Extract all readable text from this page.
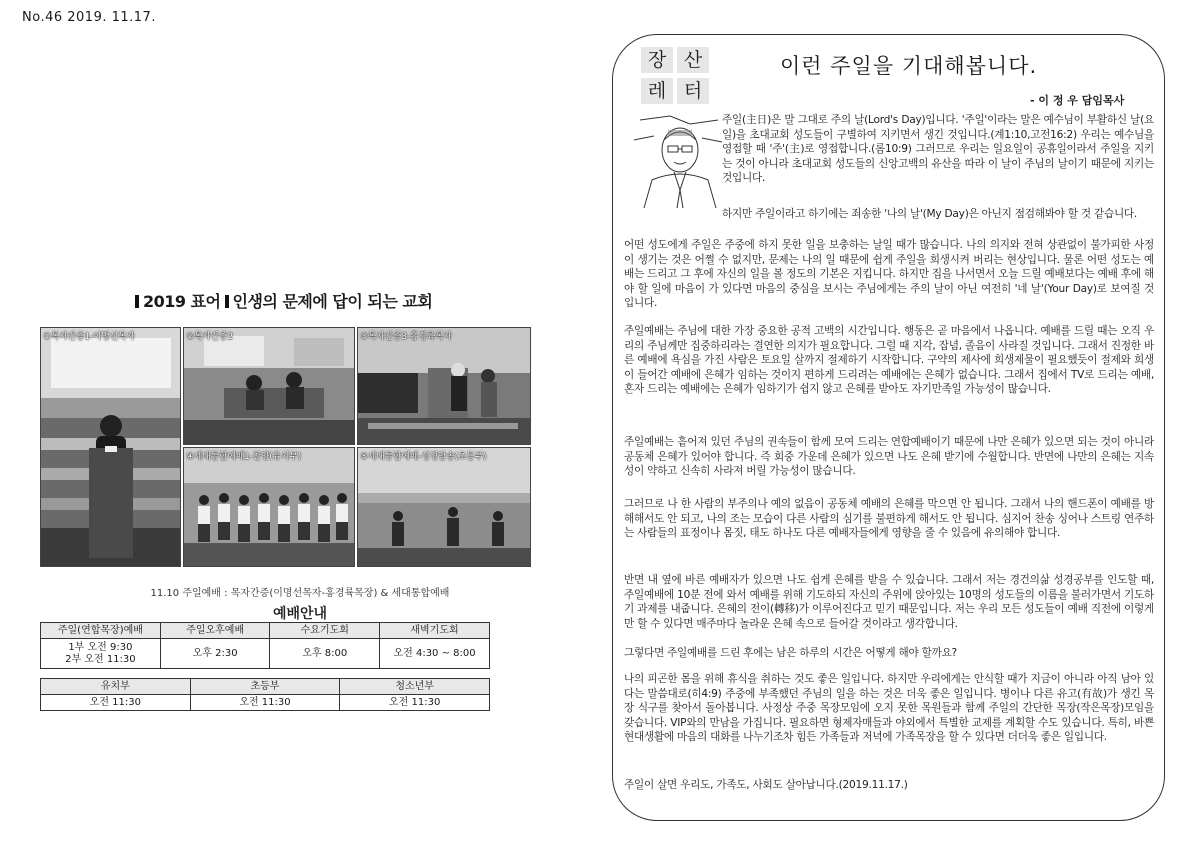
No.46 2019. 11.17.
2019 표어 인생의 문제에 답이 되는 교회
①목자간증1-이명선목자	②목자간증2	③목자간증3-홍경륙목자
④세대통합예배1-찬양(유치부)	⑤세대통합예배-성경암송(초등부)
11.10 주일예배 : 목자간증(이명선목자-홍경륙목장) & 세대통합예배
예배안내
주일(연합목장)예배	주일오후예배	수요기도회	새벽기도회
1부 오전 9:30
2부 오전 11:30	오후 2:30	오후 8:00	오전 4:30 ~ 8:00
유치부	초등부	청소년부
오전 11:30	오전 11:30	오전 11:30
장 산
레 터
이런 주일을 기대해봅니다.
- 이 정 우 담임목사
주일(主日)은 말 그대로 주의 날(Lord's Day)입니다. '주일'이라는 말은 예수님이 부활하신 날(요일)을 초대교회 성도들이 구별하여 지키면서 생긴 것입니다.(계1:10,고전16:2) 우리는 예수님을 영접할 때 '주'(主)로 영접합니다.(롬10:9) 그러므로 우리는 일요일이 공휴일이라서 주일을 지키는 것이 아니라 초대교회 성도들의 신앙고백의 유산을 따라 이 날이 주님의 날이기 때문에 지키는 것입니다.
하지만 주일이라고 하기에는 죄송한 '나의 날'(My Day)은 아닌지 점검해봐야 할 것 같습니다.
어떤 성도에게 주일은 주중에 하지 못한 일을 보충하는 날일 때가 많습니다. 나의 의지와 전혀 상관없이 불가피한 사정이 생기는 것은 어쩔 수 없지만, 문제는 나의 일 때문에 쉽게 주일을 희생시켜 버리는 현상입니다. 물론 어떤 성도는 예배는 드리고 그 후에 자신의 일을 볼 정도의 기본은 지킵니다. 하지만 집을 나서면서 오늘 드릴 예배보다는 예배 후에 해야 할 일에 마음이 가 있다면 마음의 중심을 보시는 주님에게는 주의 날이 아닌 여전히 '네 날'(Your Day)로 보여질 것입니다.
주일예배는 주님에 대한 가장 중요한 공적 고백의 시간입니다. 행동은 곧 마음에서 나옵니다. 예배를 드릴 때는 오직 우리의 주님께만 집중하리라는 결연한 의지가 필요합니다. 그럴 때 지각, 잡념, 졸음이 사라질 것입니다. 그래서 진정한 바른 예배에 욕심을 가진 사람은 토요일 살까지 절제하기 시작합니다. 구약의 제사에 희생제물이 필요했듯이 절제와 희생이 들어간 예배에 은혜가 임하는 것이지 편하게 드리려는 예배에는 은혜가 없습니다. 그래서 집에서 TV로 드리는 예배, 혼자 드리는 예배에는 은혜가 임하기가 쉽지 않고 은혜를 받아도 자기만족일 가능성이 많습니다.
주일예배는 흩어져 있던 주님의 권속들이 함께 모여 드리는 연합예배이기 때문에 나만 은혜가 있으면 되는 것이 아니라 공동체 은혜가 있어야 합니다. 즉 회중 가운데 은혜가 있으면 나도 은혜 받기에 수월합니다. 반면에 나만의 은혜는 지속성이 약하고 신속히 사라져 버릴 가능성이 많습니다.
그러므로 나 한 사람의 부주의나 예의 없음이 공동체 예배의 은혜를 막으면 안 됩니다. 그래서 나의 핸드폰이 예배를 방해해서도 안 되고, 나의 조는 모습이 다른 사람의 심기를 불편하게 해서도 안 됩니다. 심지어 찬송 싱어나 스트링 연주하는 사람들의 표정이나 몸짓, 태도 하나도 다른 예배자들에게 영향을 줄 수 있음에 유의해야 합니다.
반면 내 옆에 바른 예배자가 있으면 나도 쉽게 은혜를 받을 수 있습니다. 그래서 저는 경건의삶 성경공부를 인도할 때, 주일예배에 10분 전에 와서 예배를 위해 기도하되 자신의 주위에 앉아있는 10명의 성도들의 이름을 불러가면서 기도하기 과제를 내줍니다. 은혜의 전이(轉移)가 이루어진다고 믿기 때문입니다. 저는 우리 모든 성도들이 예배 직전에 이렇게만 할 수 있다면 매주마다 놀라운 은혜 속으로 들어갈 것이라고 생각합니다.
그렇다면 주일예배를 드린 후에는 남은 하루의 시간은 어떻게 해야 할까요?
나의 피곤한 몸을 위해 휴식을 취하는 것도 좋은 일입니다. 하지만 우리에게는 안식할 때가 지금이 아니라 아직 남아 있다는 말씀대로(히4:9) 주중에 부족했던 주님의 일을 하는 것은 더욱 좋은 일입니다. 병이나 다른 유고(有故)가 생긴 목장 식구를 찾아서 돌아봅니다. 사정상 주중 목장모임에 오지 못한 목원들과 함께 주일의 간단한 목장(작은목장)모임을 갖습니다. VIP와의 만남을 가집니다. 필요하면 형제자매들과 야외에서 특별한 교제를 계획할 수도 있습니다. 특히, 바쁜 현대생활에 마음의 대화를 나누기조차 힘든 가족들과 저녁에 가족목장을 할 수 있다면 더더욱 좋은 일입니다.
주일이 살면 우리도, 가족도, 사회도 살아납니다.(2019.11.17.)
